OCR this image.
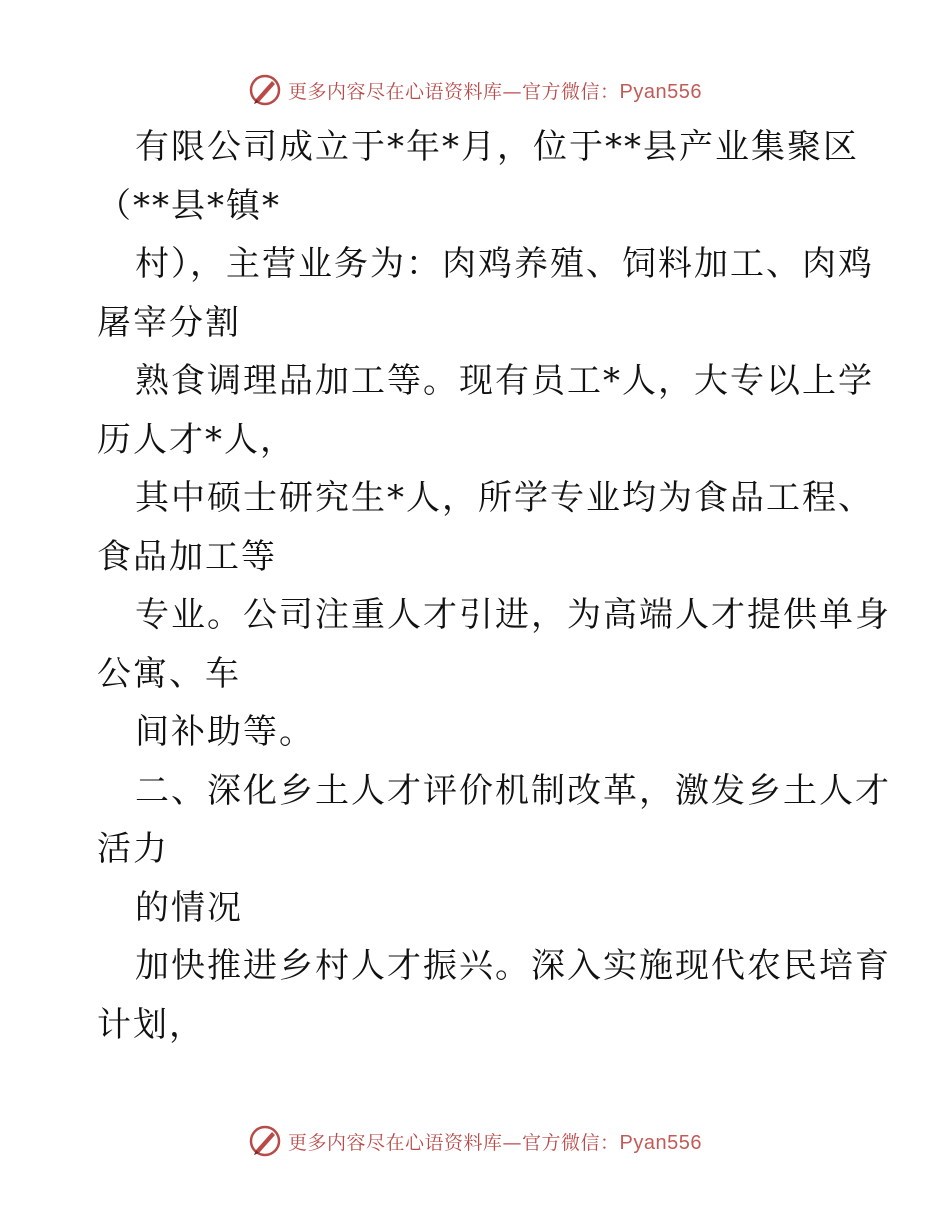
更多内容尽在心语资料库—官方微信：Pyan556
有限公司成立于*年*月，位于**县产业集聚区
（**县*镇*
村），主营业务为：肉鸡养殖、饲料加工、肉鸡
屠宰分割
熟食调理品加工等。现有员工*人，大专以上学
历人才*人，
其中硕士研究生*人，所学专业均为食品工程、
食品加工等
专业。公司注重人才引进，为高端人才提供单身
公寓、车
间补助等。
二、深化乡土人才评价机制改革，激发乡土人才
活力
的情况
加快推进乡村人才振兴。深入实施现代农民培育
计划，
更多内容尽在心语资料库—官方微信：Pyan556
